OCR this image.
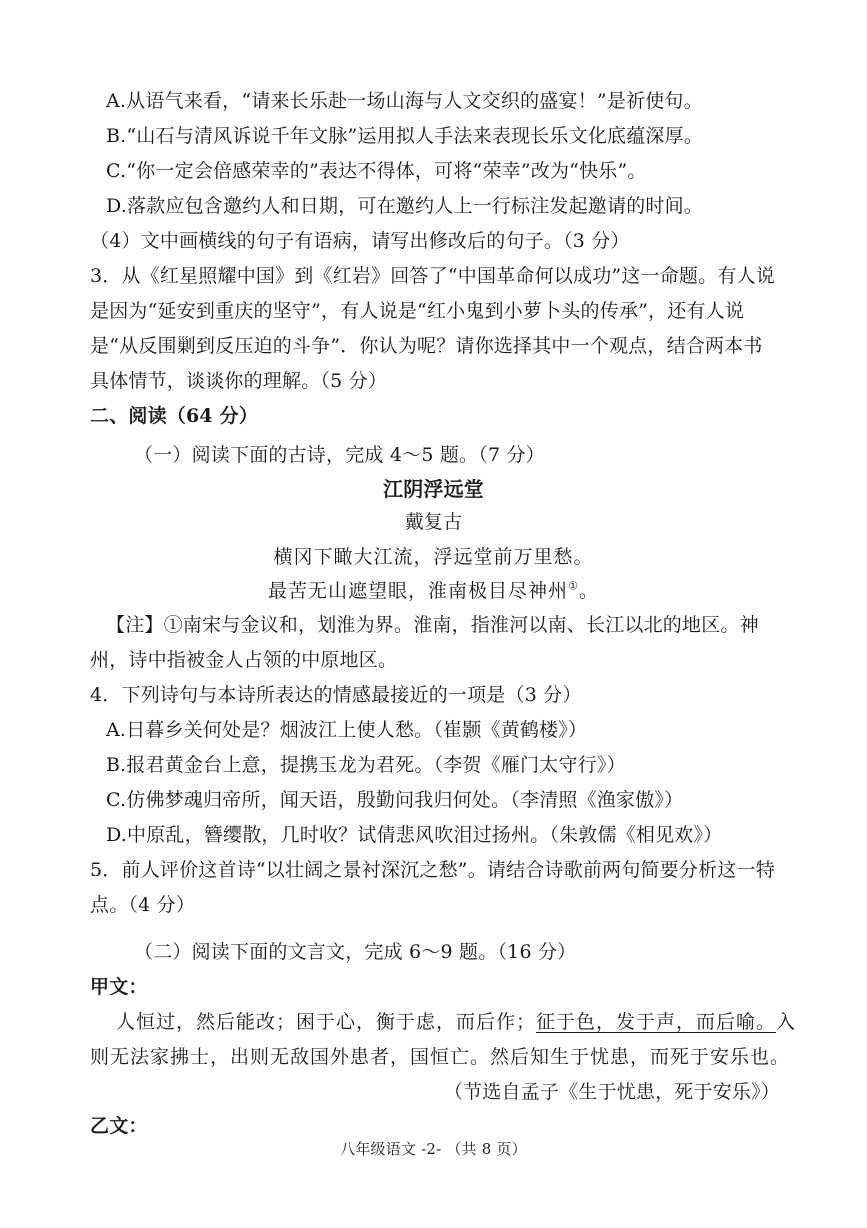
A.从语气来看，“请来长乐赴一场山海与人文交织的盛宴！”是祈使句。
B.“山石与清风诉说千年文脉”运用拟人手法来表现长乐文化底蕴深厚。
C.“你一定会倍感荣幸的”表达不得体，可将“荣幸”改为“快乐”。
D.落款应包含邀约人和日期，可在邀约人上一行标注发起邀请的时间。
（4）文中画横线的句子有语病，请写出修改后的句子。（3 分）
3．从《红星照耀中国》到《红岩》回答了“中国革命何以成功”这一命题。有人说
是因为“延安到重庆的坚守”，有人说是“红小鬼到小萝卜头的传承”，还有人说
是“从反围剿到反压迫的斗争”．你认为呢？请你选择其中一个观点，结合两本书
具体情节，谈谈你的理解。（5 分）
二、阅读（64 分）
（一）阅读下面的古诗，完成 4～5 题。（7 分）
江阴浮远堂
戴复古
横冈下瞰大江流，浮远堂前万里愁。
最苦无山遮望眼，淮南极目尽神州①。
【注】①南宋与金议和，划淮为界。淮南，指淮河以南、长江以北的地区。神
州，诗中指被金人占领的中原地区。
4．下列诗句与本诗所表达的情感最接近的一项是（3 分）
A.日暮乡关何处是？烟波江上使人愁。（崔颢《黄鹤楼》）
B.报君黄金台上意，提携玉龙为君死。（李贺《雁门太守行》）
C.仿佛梦魂归帝所，闻天语，殷勤问我归何处。（李清照《渔家傲》）
D.中原乱，簪缨散，几时收？试倩悲风吹泪过扬州。（朱敦儒《相见欢》）
5．前人评价这首诗“以壮阔之景衬深沉之愁”。请结合诗歌前两句简要分析这一特
点。（4 分）
（二）阅读下面的文言文，完成 6～9 题。（16 分）
甲文：
人恒过，然后能改；困于心，衡于虑，而后作；征于色，发于声，而后喻。入
则无法家拂士，出则无敌国外患者，国恒亡。然后知生于忧患，而死于安乐也。
（节选自孟子《生于忧患，死于安乐》）
乙文：
八年级语文 -2- （共 8 页）
